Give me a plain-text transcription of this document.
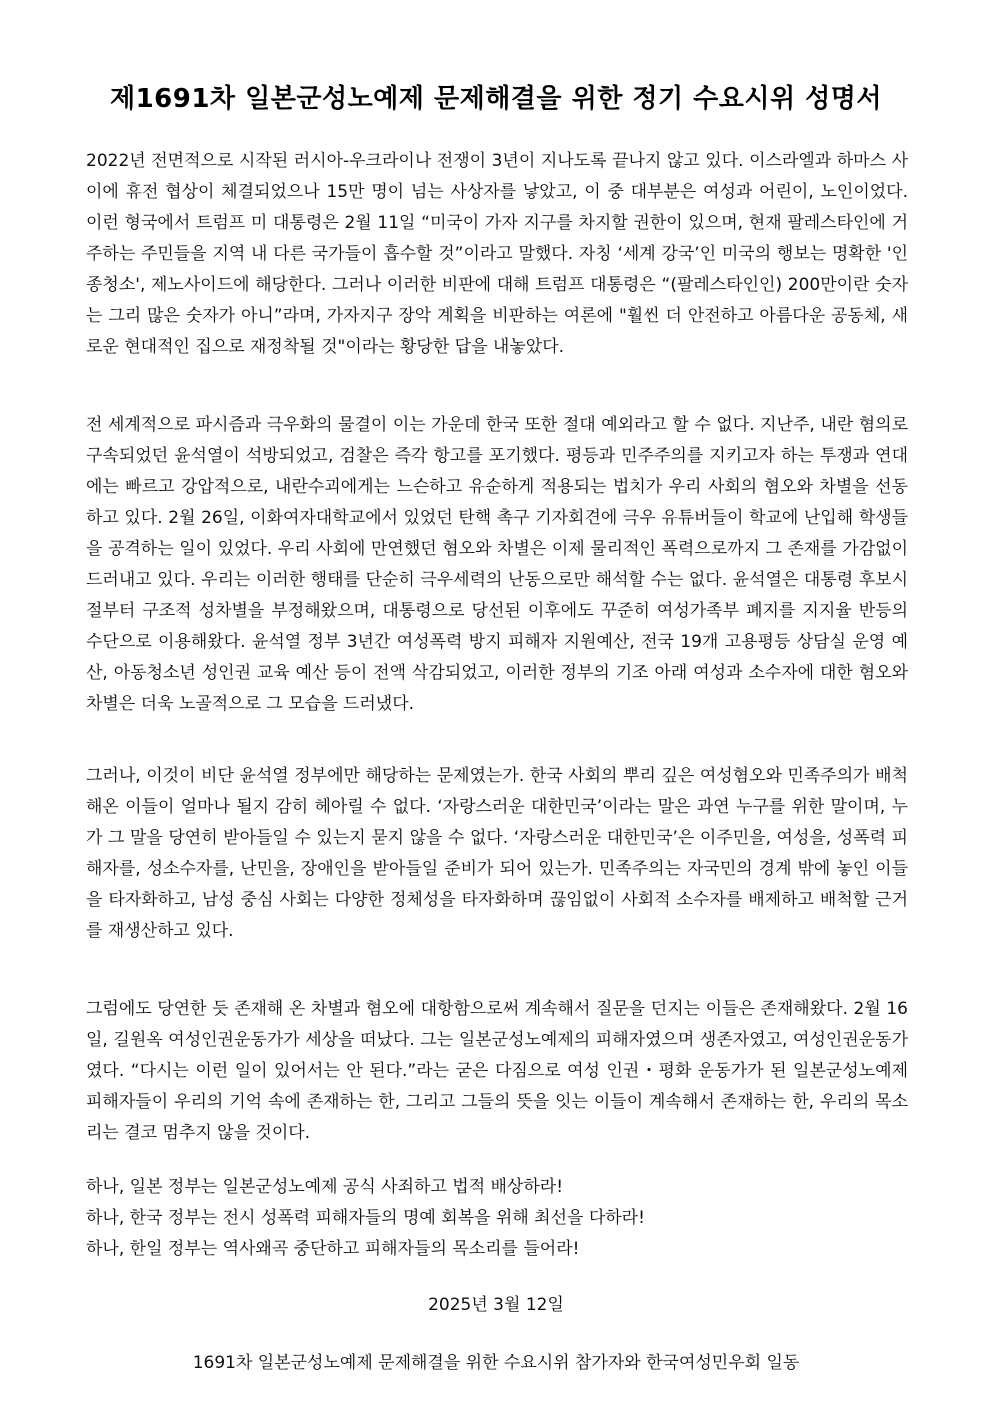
제1691차 일본군성노예제 문제해결을 위한 정기 수요시위 성명서

2022년 전면적으로 시작된 러시아-우크라이나 전쟁이 3년이 지나도록 끝나지 않고 있다. 이스라엘과 하마스 사이에 휴전 협상이 체결되었으나 15만 명이 넘는 사상자를 낳았고, 이 중 대부분은 여성과 어린이, 노인이었다. 이런 형국에서 트럼프 미 대통령은 2월 11일 “미국이 가자 지구를 차지할 권한이 있으며, 현재 팔레스타인에 거주하는 주민들을 지역 내 다른 국가들이 흡수할 것”이라고 말했다. 자칭 ‘세계 강국’인 미국의 행보는 명확한 '인종청소', 제노사이드에 해당한다. 그러나 이러한 비판에 대해 트럼프 대통령은 “(팔레스타인인) 200만이란 숫자는 그리 많은 숫자가 아니”라며, 가자지구 장악 계획을 비판하는 여론에 "훨씬 더 안전하고 아름다운 공동체, 새로운 현대적인 집으로 재정착될 것"이라는 황당한 답을 내놓았다.

전 세계적으로 파시즘과 극우화의 물결이 이는 가운데 한국 또한 절대 예외라고 할 수 없다. 지난주, 내란 혐의로 구속되었던 윤석열이 석방되었고, 검찰은 즉각 항고를 포기했다. 평등과 민주주의를 지키고자 하는 투쟁과 연대에는 빠르고 강압적으로, 내란수괴에게는 느슨하고 유순하게 적용되는 법치가 우리 사회의 혐오와 차별을 선동하고 있다. 2월 26일, 이화여자대학교에서 있었던 탄핵 촉구 기자회견에 극우 유튜버들이 학교에 난입해 학생들을 공격하는 일이 있었다. 우리 사회에 만연했던 혐오와 차별은 이제 물리적인 폭력으로까지 그 존재를 가감없이 드러내고 있다. 우리는 이러한 행태를 단순히 극우세력의 난동으로만 해석할 수는 없다. 윤석열은 대통령 후보시절부터 구조적 성차별을 부정해왔으며, 대통령으로 당선된 이후에도 꾸준히 여성가족부 폐지를 지지율 반등의 수단으로 이용해왔다. 윤석열 정부 3년간 여성폭력 방지 피해자 지원예산, 전국 19개 고용평등 상담실 운영 예산, 아동청소년 성인권 교육 예산 등이 전액 삭감되었고, 이러한 정부의 기조 아래 여성과 소수자에 대한 혐오와 차별은 더욱 노골적으로 그 모습을 드러냈다.

그러나, 이것이 비단 윤석열 정부에만 해당하는 문제였는가. 한국 사회의 뿌리 깊은 여성혐오와 민족주의가 배척해온 이들이 얼마나 될지 감히 헤아릴 수 없다. ‘자랑스러운 대한민국’이라는 말은 과연 누구를 위한 말이며, 누가 그 말을 당연히 받아들일 수 있는지 묻지 않을 수 없다. ‘자랑스러운 대한민국’은 이주민을, 여성을, 성폭력 피해자를, 성소수자를, 난민을, 장애인을 받아들일 준비가 되어 있는가. 민족주의는 자국민의 경계 밖에 놓인 이들을 타자화하고, 남성 중심 사회는 다양한 정체성을 타자화하며 끊임없이 사회적 소수자를 배제하고 배척할 근거를 재생산하고 있다.

그럼에도 당연한 듯 존재해 온 차별과 혐오에 대항함으로써 계속해서 질문을 던지는 이들은 존재해왔다. 2월 16일, 길원옥 여성인권운동가가 세상을 떠났다. 그는 일본군성노예제의 피해자였으며 생존자였고, 여성인권운동가였다. “다시는 이런 일이 있어서는 안 된다.”라는 굳은 다짐으로 여성 인권・평화 운동가가 된 일본군성노예제 피해자들이 우리의 기억 속에 존재하는 한, 그리고 그들의 뜻을 잇는 이들이 계속해서 존재하는 한, 우리의 목소리는 결코 멈추지 않을 것이다.

하나, 일본 정부는 일본군성노예제 공식 사죄하고 법적 배상하라!
하나, 한국 정부는 전시 성폭력 피해자들의 명예 회복을 위해 최선을 다하라!
하나, 한일 정부는 역사왜곡 중단하고 피해자들의 목소리를 들어라!
2025년 3월 12일
1691차 일본군성노예제 문제해결을 위한 수요시위 참가자와 한국여성민우회 일동
